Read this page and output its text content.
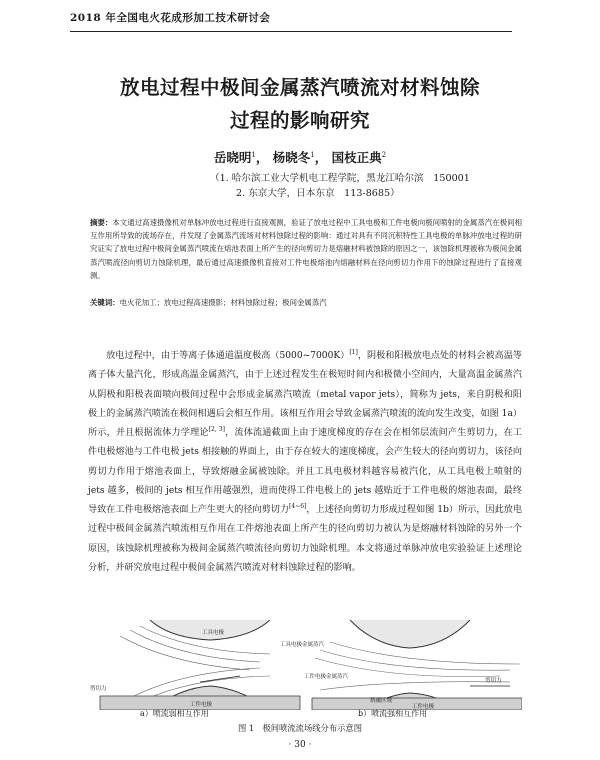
2018 年全国电火花成形加工技术研讨会
放电过程中极间金属蒸汽喷流对材料蚀除
过程的影响研究
岳晓明$^1$， 杨晓冬$^1$， 国枝正典$^2$
（1. 哈尔滨工业大学机电工程学院，黑龙江哈尔滨　150001
2. 东京大学，日本东京　113-8685）
摘要：本文通过高速摄像机对单脉冲放电过程进行直接观测，验证了放电过程中工具电极和工件电极向极间喷射的金属蒸汽在极间相互作用所导致的流场存在，并发现了金属蒸汽流场对材料蚀除过程的影响：通过对具有不同沉积特性工具电极的单脉冲放电过程的研究证实了放电过程中极间金属蒸汽喷流在熔池表面上所产生的径向剪切力是熔融材料被蚀除的原因之一，该蚀除机理被称为极间金属蒸汽喷流径向剪切力蚀除机理，最后通过高速摄像机直接对工件电极熔池内熔融材料在径向剪切力作用下的蚀除过程进行了直接观测。
关键词：电火花加工；放电过程高速摄影；材料蚀除过程；极间金属蒸汽
放电过程中，由于等离子体通道温度极高（5000~7000K）[1]，阴极和阳极放电点处的材料会被高温等离子体大量汽化，形成高温金属蒸汽，由于上述过程发生在极短时间内和极微小空间内，大量高温金属蒸汽从阴极和阳极表面喷向极间过程中会形成金属蒸汽喷流（metal vapor jets），简称为 jets，来自阴极和阳极上的金属蒸汽喷流在极间相遇后会相互作用。该相互作用会导致金属蒸汽喷流的流向发生改变，如图 1a）所示，并且根据流体力学理论[2, 3]，流体流通截面上由于速度梯度的存在会在相邻层流间产生剪切力，在工件电极熔池与工件电极 jets 相接触的界面上，由于存在较大的速度梯度，会产生较大的径向剪切力，该径向剪切力作用于熔池表面上，导致熔融金属被蚀除。并且工具电极材料越容易被汽化，从工具电极上喷射的 jets 越多，极间的 jets 相互作用越强烈，进而使得工件电极上的 jets 越贴近于工件电极的熔池表面，最终导致在工件电极熔池表面上产生更大的径向剪切力[4~6]，上述径向剪切力形成过程如图 1b）所示，因此放电过程中极间金属蒸汽喷流相互作用在工件熔池表面上所产生的径向剪切力被认为是熔融材料蚀除的另外一个原因，该蚀除机理被称为极间金属蒸汽喷流径向剪切力蚀除机理。本文将通过单脉冲放电实验验证上述理论分析，并研究放电过程中极间金属蒸汽喷流对材料蚀除过程的影响。
工具电极
剪切力
工件电极
工具电极金属蒸汽
工件电极金属蒸汽
熔融区域
剪切力
工件电极
a）喷流弱相互作用	b）喷流强相互作用
图 1　极间喷流流场线分布示意图
· 30 ·
